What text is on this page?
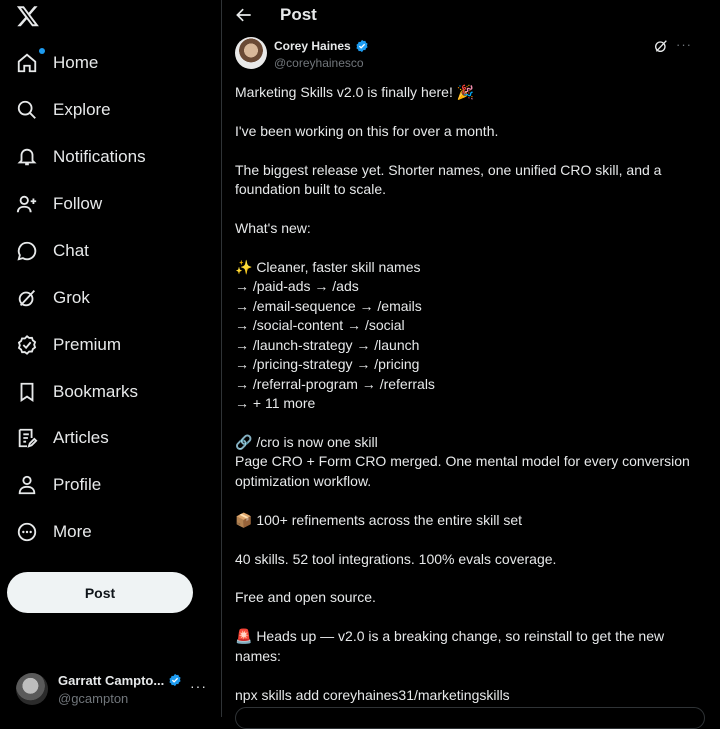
Home
Explore
Notifications
Follow
Chat
Grok
Premium
Bookmarks
Articles
Profile
More
Post
Garratt Campto...
@gcampton
···
Post
Corey Haines
@coreyhainesco
···
Marketing Skills v2.0 is finally here! 🎉
I've been working on this for over a month.
The biggest release yet. Shorter names, one unified CRO skill, and a
foundation built to scale.
What's new:
✨ Cleaner, faster skill names
→ /paid-ads → /ads
→ /email-sequence → /emails
→ /social-content → /social
→ /launch-strategy → /launch
→ /pricing-strategy → /pricing
→ /referral-program → /referrals
→ + 11 more
🔗 /cro is now one skill
Page CRO + Form CRO merged. One mental model for every conversion
optimization workflow.
📦 100+ refinements across the entire skill set
40 skills. 52 tool integrations. 100% evals coverage.
Free and open source.
🚨 Heads up — v2.0 is a breaking change, so reinstall to get the new
names:
npx skills add coreyhaines31/marketingskills
